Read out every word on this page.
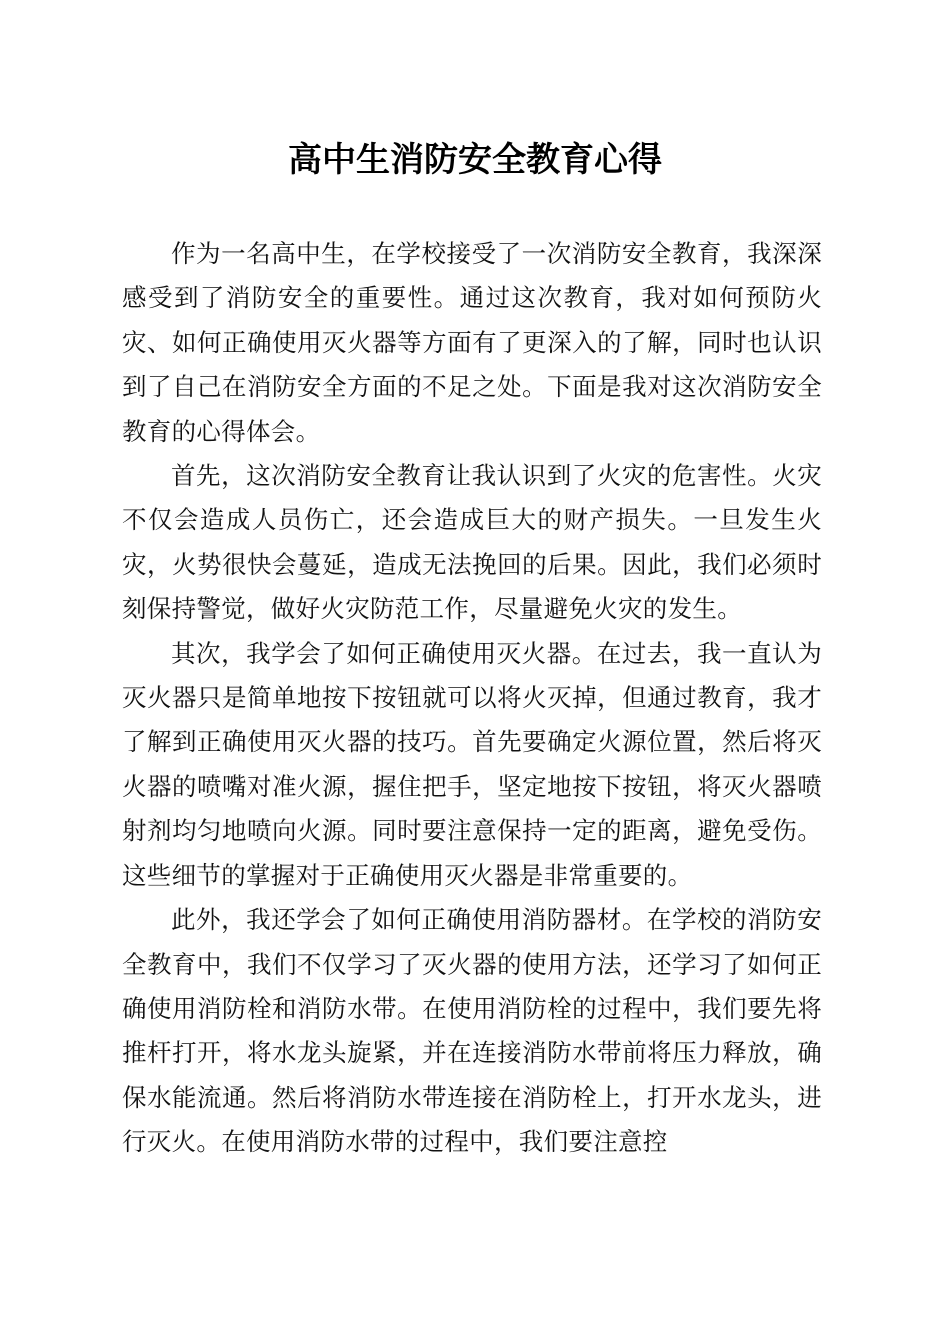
高中生消防安全教育心得

作为一名高中生，在学校接受了一次消防安全教育，我深深感受到了消防安全的重要性。通过这次教育，我对如何预防火灾、如何正确使用灭火器等方面有了更深入的了解，同时也认识到了自己在消防安全方面的不足之处。下面是我对这次消防安全教育的心得体会。

首先，这次消防安全教育让我认识到了火灾的危害性。火灾不仅会造成人员伤亡，还会造成巨大的财产损失。一旦发生火灾，火势很快会蔓延，造成无法挽回的后果。因此，我们必须时刻保持警觉，做好火灾防范工作，尽量避免火灾的发生。

其次，我学会了如何正确使用灭火器。在过去，我一直认为灭火器只是简单地按下按钮就可以将火灭掉，但通过教育，我才了解到正确使用灭火器的技巧。首先要确定火源位置，然后将灭火器的喷嘴对准火源，握住把手，坚定地按下按钮，将灭火器喷射剂均匀地喷向火源。同时要注意保持一定的距离，避免受伤。这些细节的掌握对于正确使用灭火器是非常重要的。

此外，我还学会了如何正确使用消防器材。在学校的消防安全教育中，我们不仅学习了灭火器的使用方法，还学习了如何正确使用消防栓和消防水带。在使用消防栓的过程中，我们要先将推杆打开，将水龙头旋紧，并在连接消防水带前将压力释放，确保水能流通。然后将消防水带连接在消防栓上，打开水龙头，进行灭火。在使用消防水带的过程中，我们要注意控
